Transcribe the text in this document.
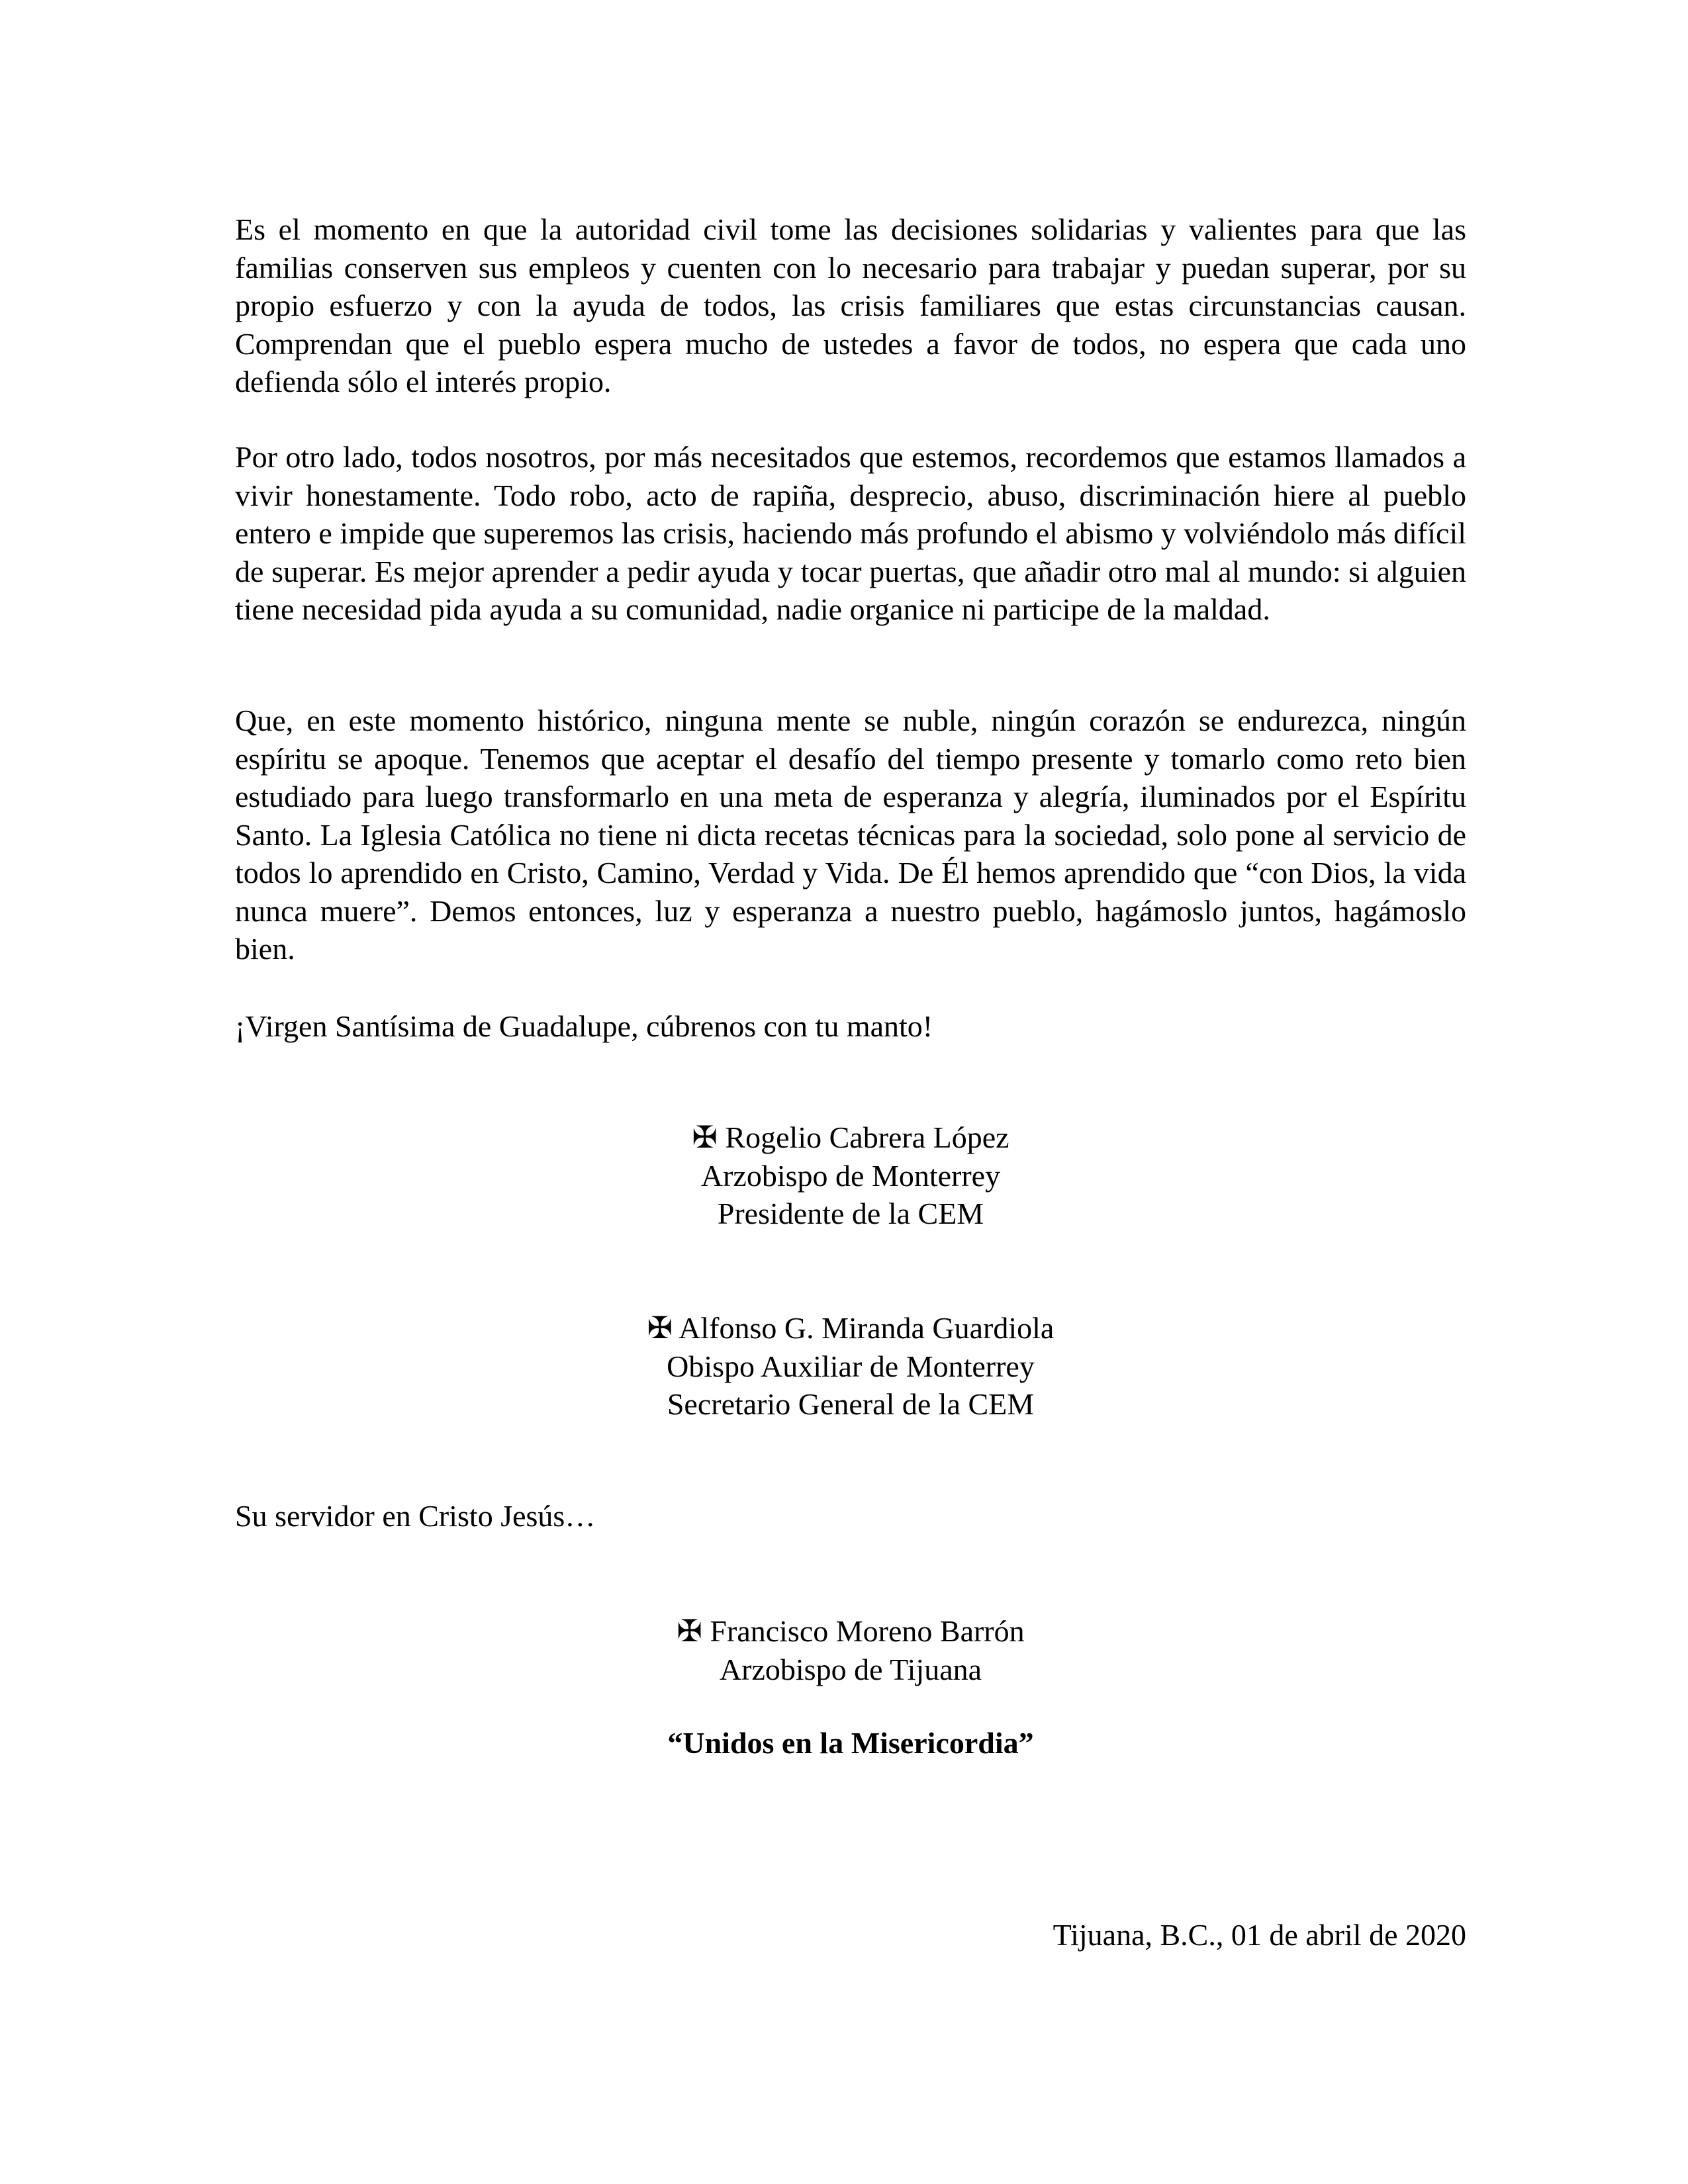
Es el momento en que la autoridad civil tome las decisiones solidarias y valientes para que las familias conserven sus empleos y cuenten con lo necesario para trabajar y puedan superar, por su propio esfuerzo y con la ayuda de todos, las crisis familiares que estas circunstancias causan. Comprendan que el pueblo espera mucho de ustedes a favor de todos, no espera que cada uno defienda sólo el interés propio.

Por otro lado, todos nosotros, por más necesitados que estemos, recordemos que estamos llamados a vivir honestamente. Todo robo, acto de rapiña, desprecio, abuso, discriminación hiere al pueblo entero e impide que superemos las crisis, haciendo más profundo el abismo y volviéndolo más difícil de superar. Es mejor aprender a pedir ayuda y tocar puertas, que añadir otro mal al mundo: si alguien tiene necesidad pida ayuda a su comunidad, nadie organice ni participe de la maldad.

Que, en este momento histórico, ninguna mente se nuble, ningún corazón se endurezca, ningún espíritu se apoque. Tenemos que aceptar el desafío del tiempo presente y tomarlo como reto bien estudiado para luego transformarlo en una meta de esperanza y alegría, iluminados por el Espíritu Santo. La Iglesia Católica no tiene ni dicta recetas técnicas para la sociedad, solo pone al servicio de todos lo aprendido en Cristo, Camino, Verdad y Vida. De Él hemos aprendido que “con Dios, la vida nunca muere”. Demos entonces, luz y esperanza a nuestro pueblo, hagámoslo juntos, hagámoslo bien.

¡Virgen Santísima de Guadalupe, cúbrenos con tu manto!

✠ Rogelio Cabrera López
Arzobispo de Monterrey
Presidente de la CEM
✠ Alfonso G. Miranda Guardiola
Obispo Auxiliar de Monterrey
Secretario General de la CEM

Su servidor en Cristo Jesús…

✠ Francisco Moreno Barrón
Arzobispo de Tijuana
“Unidos en la Misericordia”
Tijuana, B.C., 01 de abril de 2020
